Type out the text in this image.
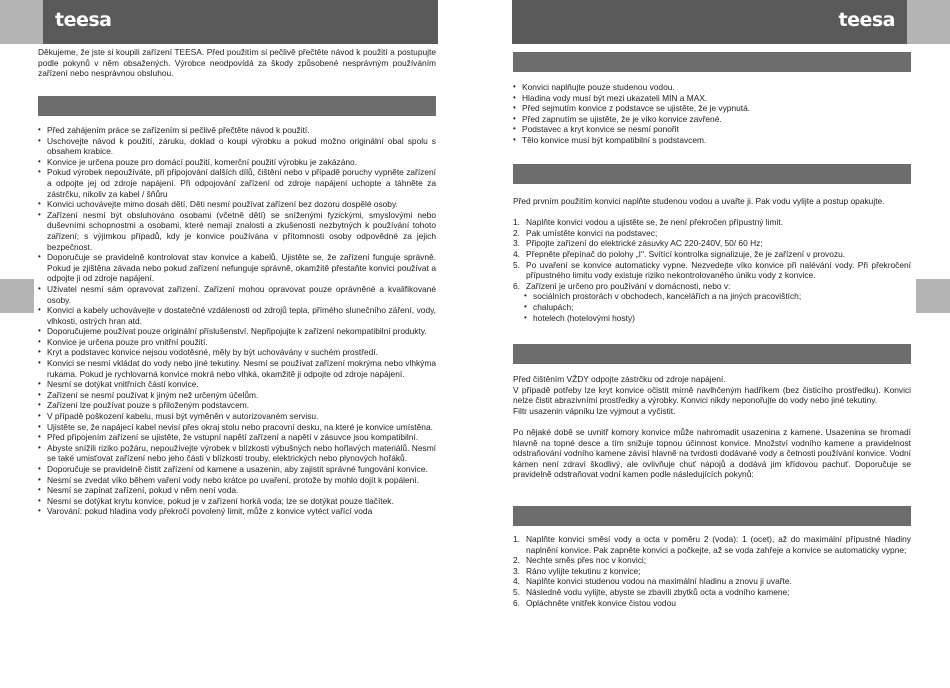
teesa	teesa

Děkujeme, že jste si koupili zařízení TEESA. Před použitím si pečlivě přečtěte návod k použití a postupujte podle pokynů v něm obsažených. Výrobce neodpovídá za škody způsobené nesprávným používáním zařízení nebo nesprávnou obsluhou.

• Před zahájením práce se zařízením si pečlivě přečtěte návod k použití.
• Uschovejte návod k použití, záruku, doklad o koupi výrobku a pokud možno originální obal spolu s obsahem krabice.
• Konvice je určena pouze pro domácí použití, komerční použití výrobku je zakázáno.
• Pokud výrobek nepoužíváte, při připojování dalších dílů, čištění nebo v případě poruchy vypněte zařízení a odpojte jej od zdroje napájení. Při odpojování zařízení od zdroje napájení uchopte a táhněte za zástrčku, nikoliv za kabel / šňůru
• Konvici uchovávejte mimo dosah dětí. Děti nesmí používat zařízení bez dozoru dospělé osoby.
• Zařízení nesmí být obsluhováno osobami (včetně dětí) se sníženými fyzickými, smyslovými nebo duševními schopnostmi a osobami, které nemají znalosti a zkušenosti nezbytných k používání tohoto zařízení; s výjimkou případů, kdy je konvice používána v přítomnosti osoby odpovědné za jejich bezpečnost.
• Doporučuje se pravidelně kontrolovat stav konvice a kabelů. Ujistěte se, že zařízení funguje správně. Pokud je zjištěna závada nebo pokud zařízení nefunguje správně, okamžitě přestaňte konvici používat a odpojte ji od zdroje napájení.
• Uživatel nesmí sám opravovat zařízení. Zařízení mohou opravovat pouze oprávněné a kvalifikované osoby.
• Konvici a kabely uchovávejte v dostatečné vzdálenosti od zdrojů tepla, přímého slunečního záření, vody, vlhkosti, ostrých hran atd.
• Doporučujeme používat pouze originální příslušenství. Nepřipojujte k zařízení nekompatibilní produkty.
• Konvice je určena pouze pro vnitřní použití.
• Kryt a podstavec konvice nejsou vodotěsné, měly by být uchovávány v suchém prostředí.
• Konvici se nesmí vkládat do vody nebo jiné tekutiny. Nesmí se používat zařízení mokrýma nebo vlhkýma rukama. Pokud je rychlovarná konvice mokrá nebo vlhká, okamžitě ji odpojte od zdroje napájení.
• Nesmí se dotýkat vnitřních částí konvice.
• Zařízení se nesmí používat k jiným než určeným účelům.
• Zařízení lze používat pouze s přiloženým podstavcem.
• V případě poškození kabelu, musí být vyměněn v autorizovaném servisu.
• Ujistěte se, že napájecí kabel nevisí přes okraj stolu nebo pracovní desku, na které je konvice umístěna.
• Před připojením zařízení se ujistěte, že vstupní napětí zařízení a napětí v zásuvce jsou kompatibilní.
• Abyste snížili riziko požáru, nepoužívejte výrobek v blízkosti výbušných nebo hořlavých materiálů. Nesmí se také umisťovat zařízení nebo jeho části v blízkosti trouby, elektrických nebo plynových hořáků.
• Doporučuje se pravidelně čistit zařízení od kamene a usazenin, aby zajistit správné fungování konvice.
• Nesmí se zvedat víko během vaření vody nebo krátce po uvaření, protože by mohlo dojít k popálení.
• Nesmí se zapínat zařízení, pokud v něm není voda.
• Nesmí se dotýkat krytu konvice, pokud je v zařízení horká voda; lze se dotýkat pouze tlačítek.
• Varování: pokud hladina vody překročí povolený limit, může z konvice vytéct vařící voda
• Konvici naplňujte pouze studenou vodou.
• Hladina vody musí být mezi ukazateli MIN a MAX.
• Před sejmutím konvice z podstavce se ujistěte, že je vypnutá.
• Před zapnutím se ujistěte, že je víko konvice zavřené.
• Podstavec a kryt konvice se nesmí ponořit
• Tělo konvice musí být kompatibilní s podstavcem.

Před prvním použitím konvici naplňte studenou vodou a uvařte ji. Pak vodu vylijte a postup opakujte.

1. Naplňte konvici vodou a ujistěte se, že není překročen přípustný limit.
2. Pak umístěte konvici na podstavec;
3. Připojte zařízení do elektrické zásuvky AC 220-240V, 50/ 60 Hz;
4. Přepněte přepínač do polohy „I". Svítící kontrolka signalizuje, že je zařízení v provozu.
5. Po uvaření se konvice automaticky vypne. Nezvedejte víko konvice při nalévání vody. Při překročení přípustného limitu vody existuje riziko nekontrolovaného úniku vody z konvice.
6. Zařízení je určeno pro používání v domácnosti, nebo v:
• sociálních prostorách v obchodech, kancelářích a na jiných pracovištích;
• chalupách;
• hotelech (hotelovými hosty)

Před čištěním VŽDY odpojte zástrčku od zdroje napájení.

V případě potřeby lze kryt konvice očistit mírně navlhčeným hadříkem (bez čisticího prostředku). Konvici nelze čistit abrazivními prostředky a výrobky. Konvici nikdy neponořujte do vody nebo jiné tekutiny.

Filtr usazenin vápníku lze vyjmout a vyčistit.

Po nějaké době se uvnitř komory konvice může nahromadit usazenina z kamene. Usazenina se hromadí hlavně na topné desce a tím snižuje topnou účinnost konvice. Množství vodního kamene a pravidelnost odstraňování vodního kamene závisí hlavně na tvrdosti dodávané vody a četnosti používání konvice. Vodní kámen není zdraví škodlivý, ale ovlivňuje chuť nápojů a dodává jim křídovou pachuť. Doporučuje se pravidelně odstraňovat vodní kamen podle následujících pokynů:

1. Naplňte konvici směsí vody a octa v poměru 2 (voda): 1 (ocet), až do maximální přípustné hladiny naplnění konvice. Pak zapněte konvici a počkejte, až se voda zahřeje a konvice se automaticky vypne;
2. Nechte směs přes noc v konvici;
3. Ráno vylijte tekutinu z konvice;
4. Naplňte konvici studenou vodou na maximální hladinu a znovu ji uvařte.
5. Následně vodu vylijte, abyste se zbavili zbytků octa a vodního kamene;
6. Opláchněte vnitřek konvice čistou vodou
